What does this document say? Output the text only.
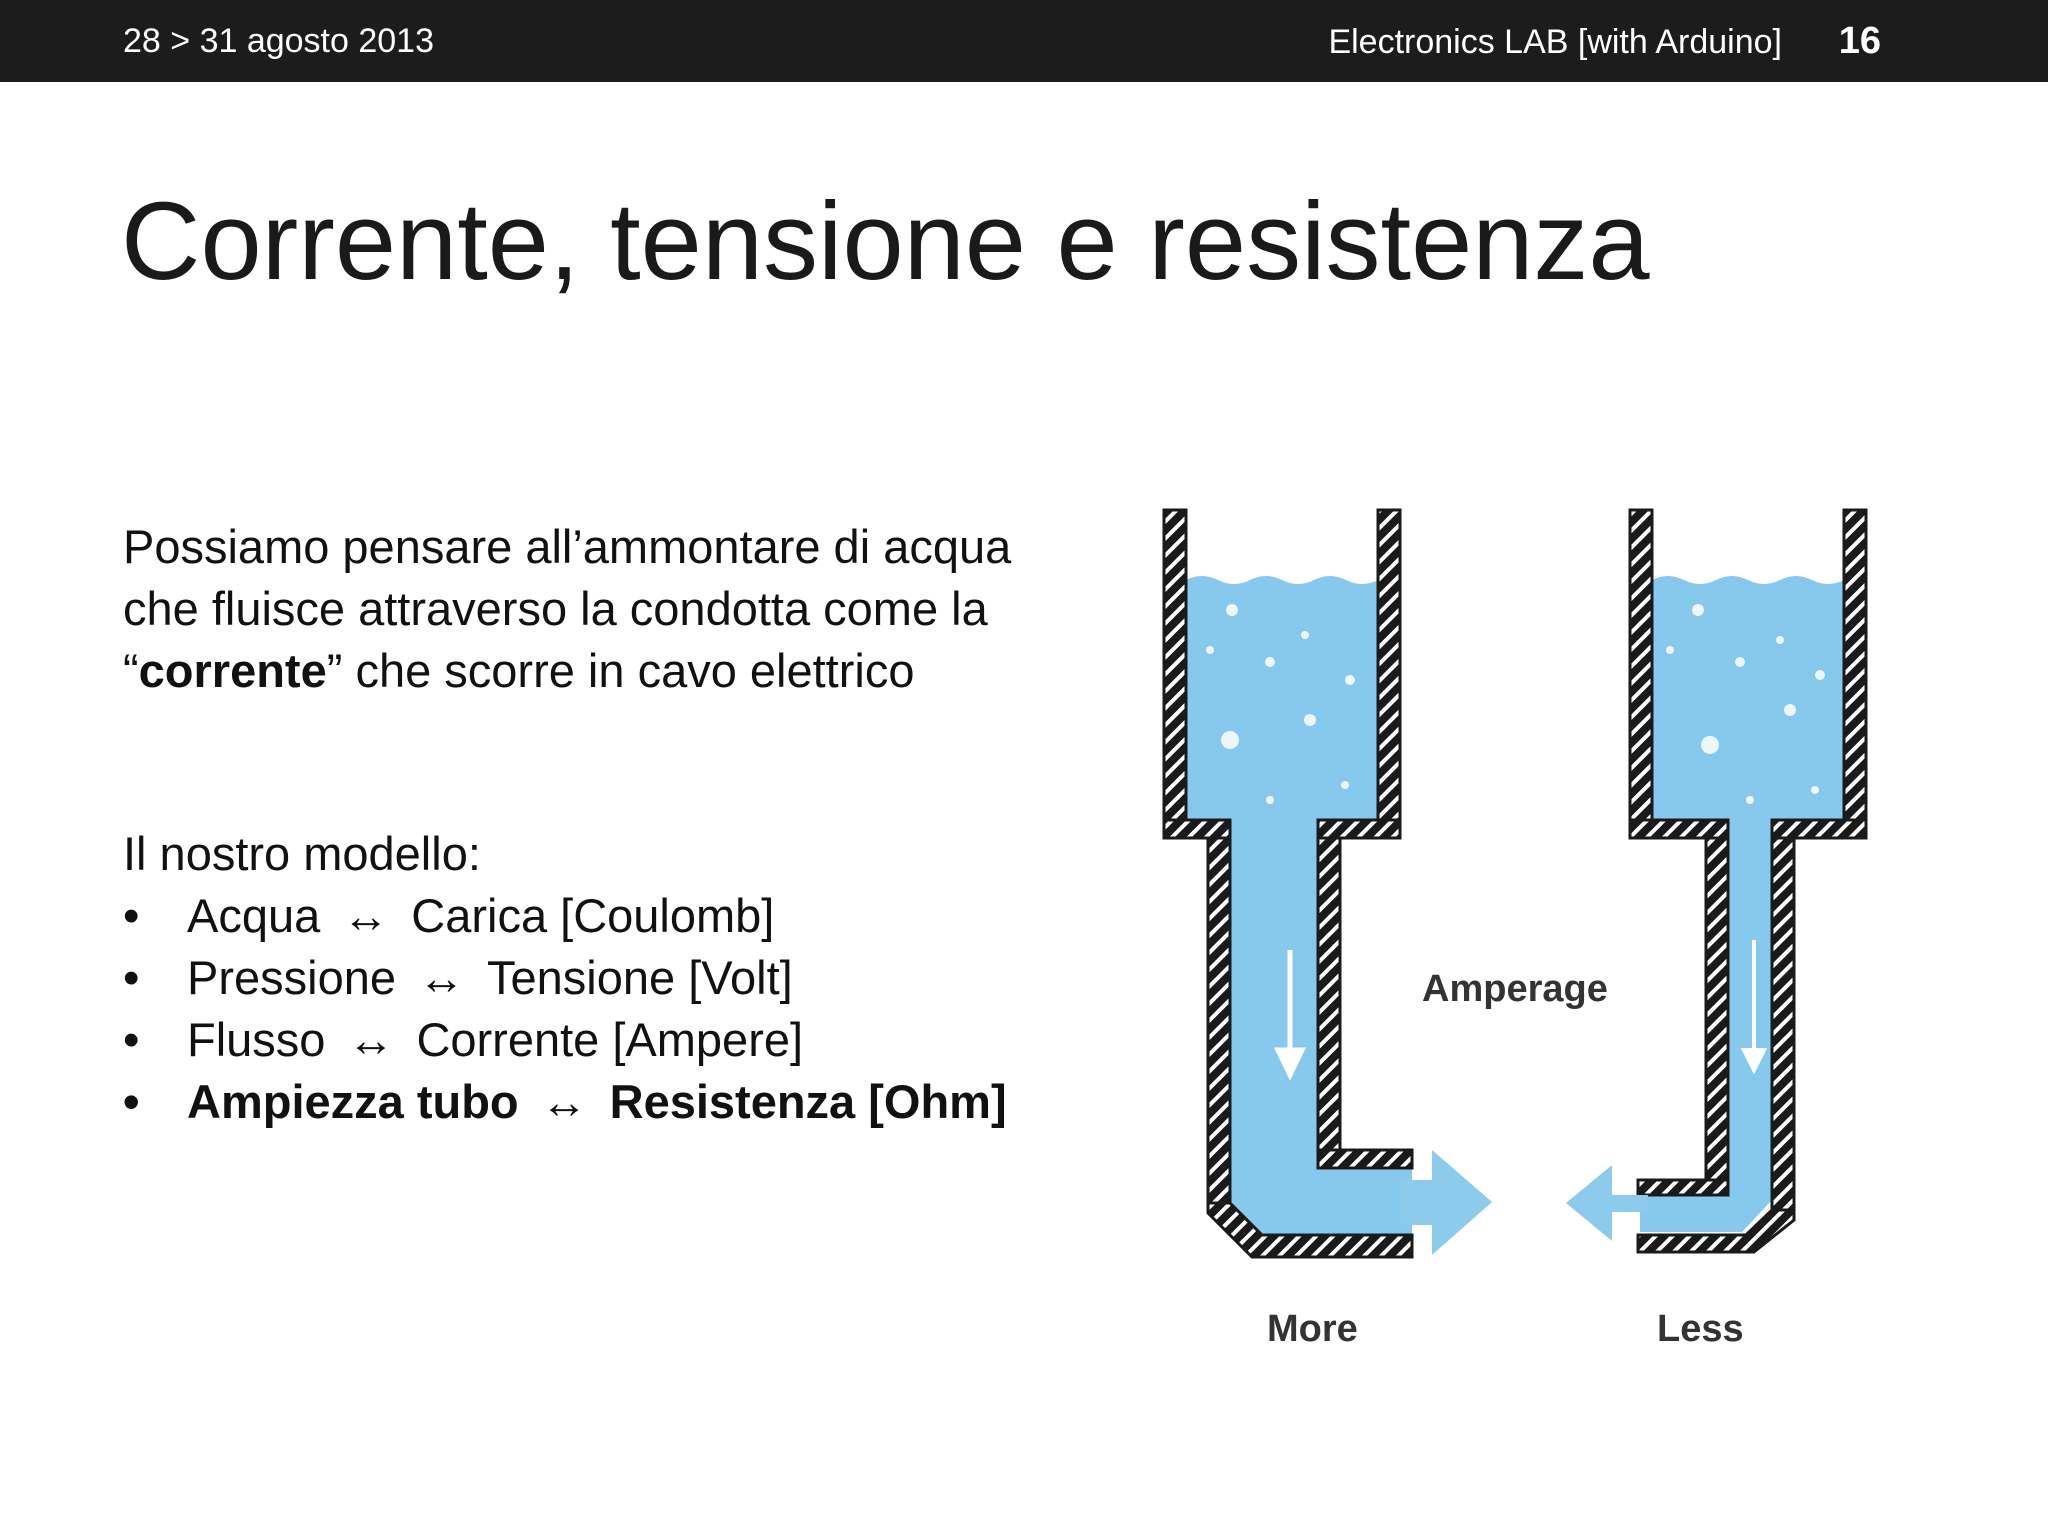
28 > 31 agosto 2013	Electronics LAB [with Arduino] 16
Corrente, tensione e resistenza
Possiamo pensare all’ammontare di acqua
che fluisce attraverso la condotta come la
“corrente” che scorre in cavo elettrico
Il nostro modello:
• Acqua ↔ Carica [Coulomb]
• Pressione ↔ Tensione [Volt]
• Flusso ↔ Corrente [Ampere]
• Ampiezza tubo ↔ Resistenza [Ohm]
Amperage
More	Less
